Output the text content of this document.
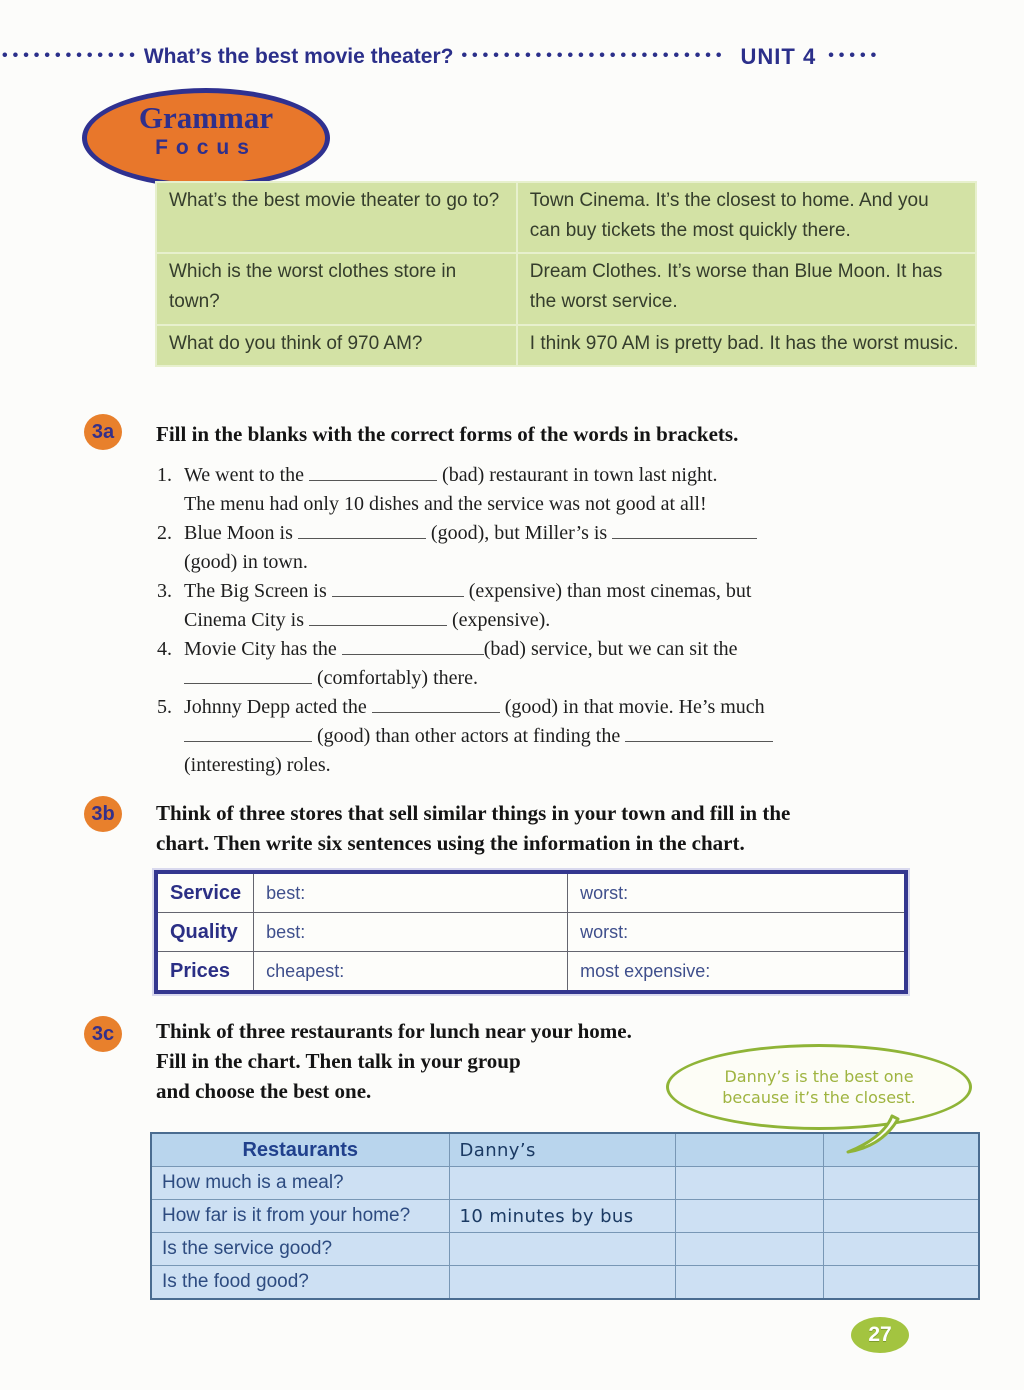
••••••••••••• What’s the best movie theater? ••••••••••••••••••••••••• UNIT 4 •••••
Grammar
Focus
What’s the best movie theater to go to?	Town Cinema. It’s the closest to home. And you can buy tickets the most quickly there.
Which is the worst clothes store in town?	Dream Clothes. It’s worse than Blue Moon. It has the worst service.
What do you think of 970 AM?	I think 970 AM is pretty bad. It has the worst music.
3a	Fill in the blanks with the correct forms of the words in brackets.
1. We went to the	(bad) restaurant in town last night.
The menu had only 10 dishes and the service was not good at all!
2. Blue Moon is	(good), but Miller’s is
(good) in town.
3. The Big Screen is	(expensive) than most cinemas, but
Cinema City is	(expensive).
4. Movie City has the	(bad) service, but we can sit the
(comfortably) there.
5. Johnny Depp acted the	(good) in that movie. He’s much
(good) than other actors at finding the
(interesting) roles.
3b	Think of three stores that sell similar things in your town and fill in the
chart. Then write six sentences using the information in the chart.
Service	best:	worst:
Quality	best:	worst:
Prices	cheapest:	most expensive:
3c	Think of three restaurants for lunch near your home.
Fill in the chart. Then talk in your group
and choose the best one.
Danny’s is the best one
because it’s the closest.
Restaurants	Danny’s		
How much is a meal?			
How far is it from your home?	10 minutes by bus		
Is the service good?			
Is the food good?			
27
